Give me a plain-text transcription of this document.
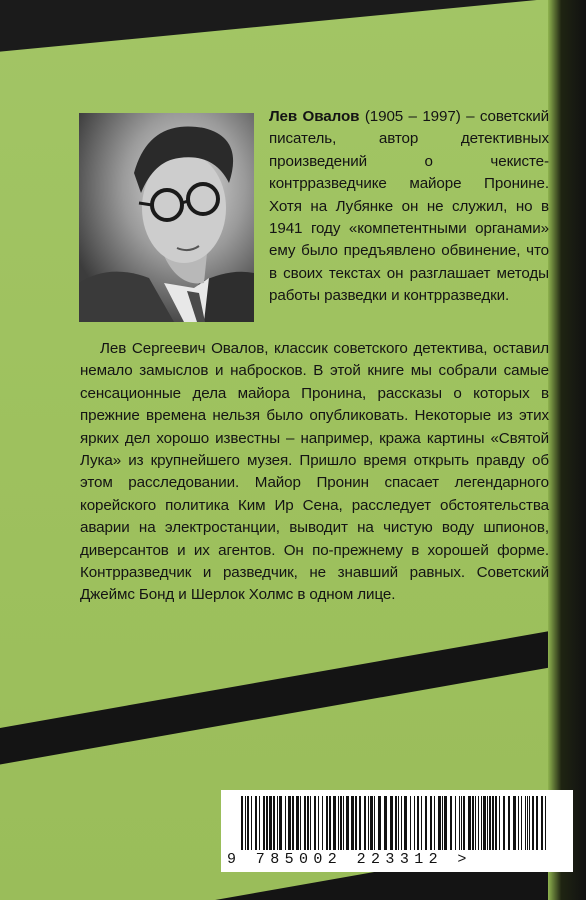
Лев Овалов (1905 – 1997) – советский писатель, автор детективных произведений о чекисте-контрразведчике майоре Пронине. Хотя на Лубянке он не служил, но в 1941 году «компетентными органами» ему было предъявлено обвинение, что в своих текстах он разглашает методы работы разведки и контрразведки.
Лев Сергеевич Овалов, классик советского детектива, оставил немало замыслов и набросков. В этой книге мы собрали самые сенсационные дела майора Пронина, рассказы о которых в прежние времена нельзя было опубликовать. Некоторые из этих ярких дел хорошо известны – например, кража картины «Святой Лука» из крупнейшего музея. Пришло время открыть правду об этом расследовании. Майор Пронин спасает легендарного корейского политика Ким Ир Сена, расследует обстоятельства аварии на электростанции, выводит на чистую воду шпионов, диверсантов и их агентов. Он по-прежнему в хорошей форме. Контрразведчик и разведчик, не знавший равных. Советский Джеймс Бонд и Шерлок Холмс в одном лице.
9 785002 223312 >
